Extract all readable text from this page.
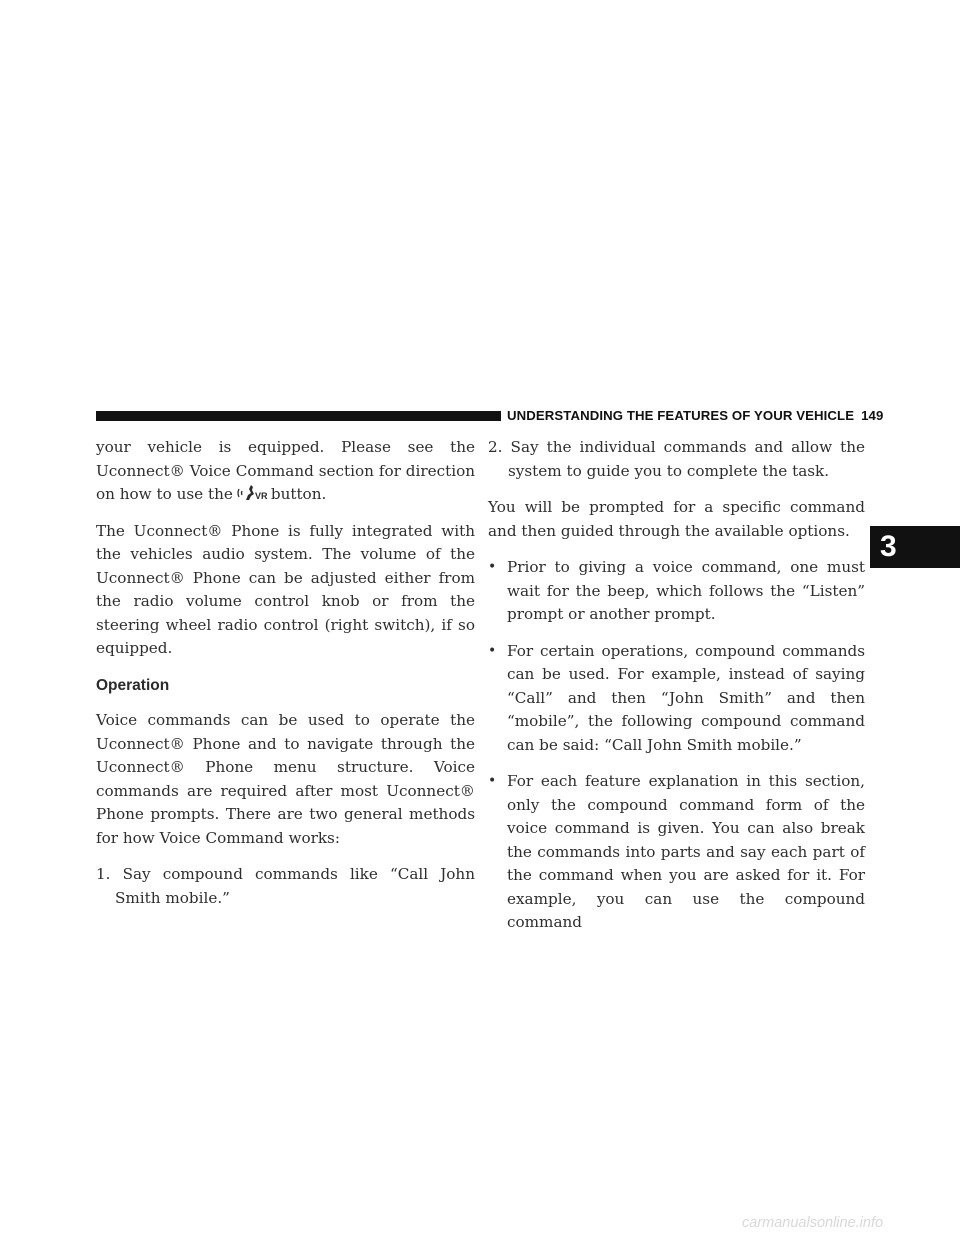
UNDERSTANDING THE FEATURES OF YOUR VEHICLE 149

your vehicle is equipped. Please see the Uconnect® Voice Command section for direction on how to use the VR button.

The Uconnect® Phone is fully integrated with the vehicles audio system. The volume of the Uconnect® Phone can be adjusted either from the radio volume control knob or from the steering wheel radio control (right switch), if so equipped.

Operation

Voice commands can be used to operate the Uconnect® Phone and to navigate through the Uconnect® Phone menu structure. Voice commands are required after most Uconnect® Phone prompts. There are two general methods for how Voice Command works:

1. Say compound commands like “Call John Smith mobile.”
2. Say the individual commands and allow the system to guide you to complete the task.

You will be prompted for a specific command and then guided through the available options.

• Prior to giving a voice command, one must wait for the beep, which follows the “Listen” prompt or another prompt.
• For certain operations, compound commands can be used. For example, instead of saying “Call” and then “John Smith” and then “mobile”, the following compound command can be said: “Call John Smith mobile.”
• For each feature explanation in this section, only the compound command form of the voice command is given. You can also break the commands into parts and say each part of the command when you are asked for it. For example, you can use the compound command
3
carmanualsonline.info
